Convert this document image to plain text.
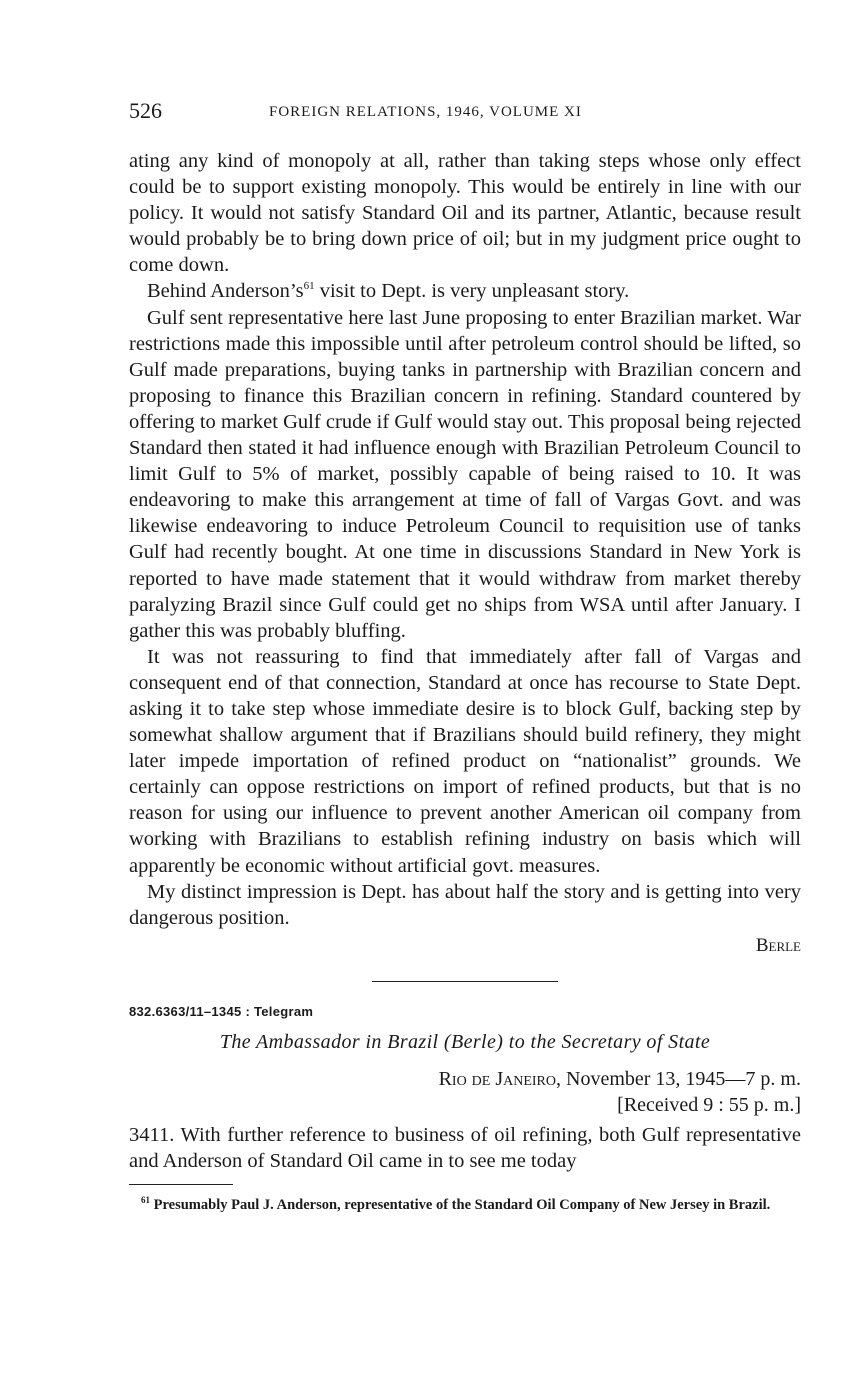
526	FOREIGN RELATIONS, 1946, VOLUME XI

ating any kind of monopoly at all, rather than taking steps whose only effect could be to support existing monopoly. This would be entirely in line with our policy. It would not satisfy Standard Oil and its partner, Atlantic, because result would probably be to bring down price of oil; but in my judgment price ought to come down.

Behind $Anderson’s^{61}$ visit to Dept. is very unpleasant story.

Gulf sent representative here last June proposing to enter Brazilian market. War restrictions made this impossible until after petroleum control should be lifted, so Gulf made preparations, buying tanks in partnership with Brazilian concern and proposing to finance this Brazilian concern in refining. Standard countered by offering to market Gulf crude if Gulf would stay out. This proposal being rejected Standard then stated it had influence enough with Brazilian Petroleum Council to limit Gulf to 5% of market, possibly capable of being raised to 10. It was endeavoring to make this arrangement at time of fall of Vargas Govt. and was likewise endeavoring to induce Petroleum Council to requisition use of tanks Gulf had recently bought. At one time in discussions Standard in New York is reported to have made statement that it would withdraw from market thereby paralyzing Brazil since Gulf could get no ships from WSA until after January. I gather this was probably bluffing.

It was not reassuring to find that immediately after fall of Vargas and consequent end of that connection, Standard at once has recourse to State Dept. asking it to take step whose immediate desire is to block Gulf, backing step by somewhat shallow argument that if Brazilians should build refinery, they might later impede importation of refined product on “nationalist” grounds. We certainly can oppose restrictions on import of refined products, but that is no reason for using our influence to prevent another American oil company from working with Brazilians to establish refining industry on basis which will apparently be economic without artificial govt. measures.

My distinct impression is Dept. has about half the story and is getting into very dangerous position.

Berle
832.6363/11–1345 : Telegram
The Ambassador in Brazil (Berle) to the Secretary of State
Rio de Janeiro, November 13, 1945—7 p. m.
[Received 9 : 55 p. m.]
3411. With further reference to business of oil refining, both Gulf representative and Anderson of Standard Oil came in to see me today
$^{61}$ Presumably Paul J. Anderson, representative of the Standard Oil Company of New Jersey in Brazil.
